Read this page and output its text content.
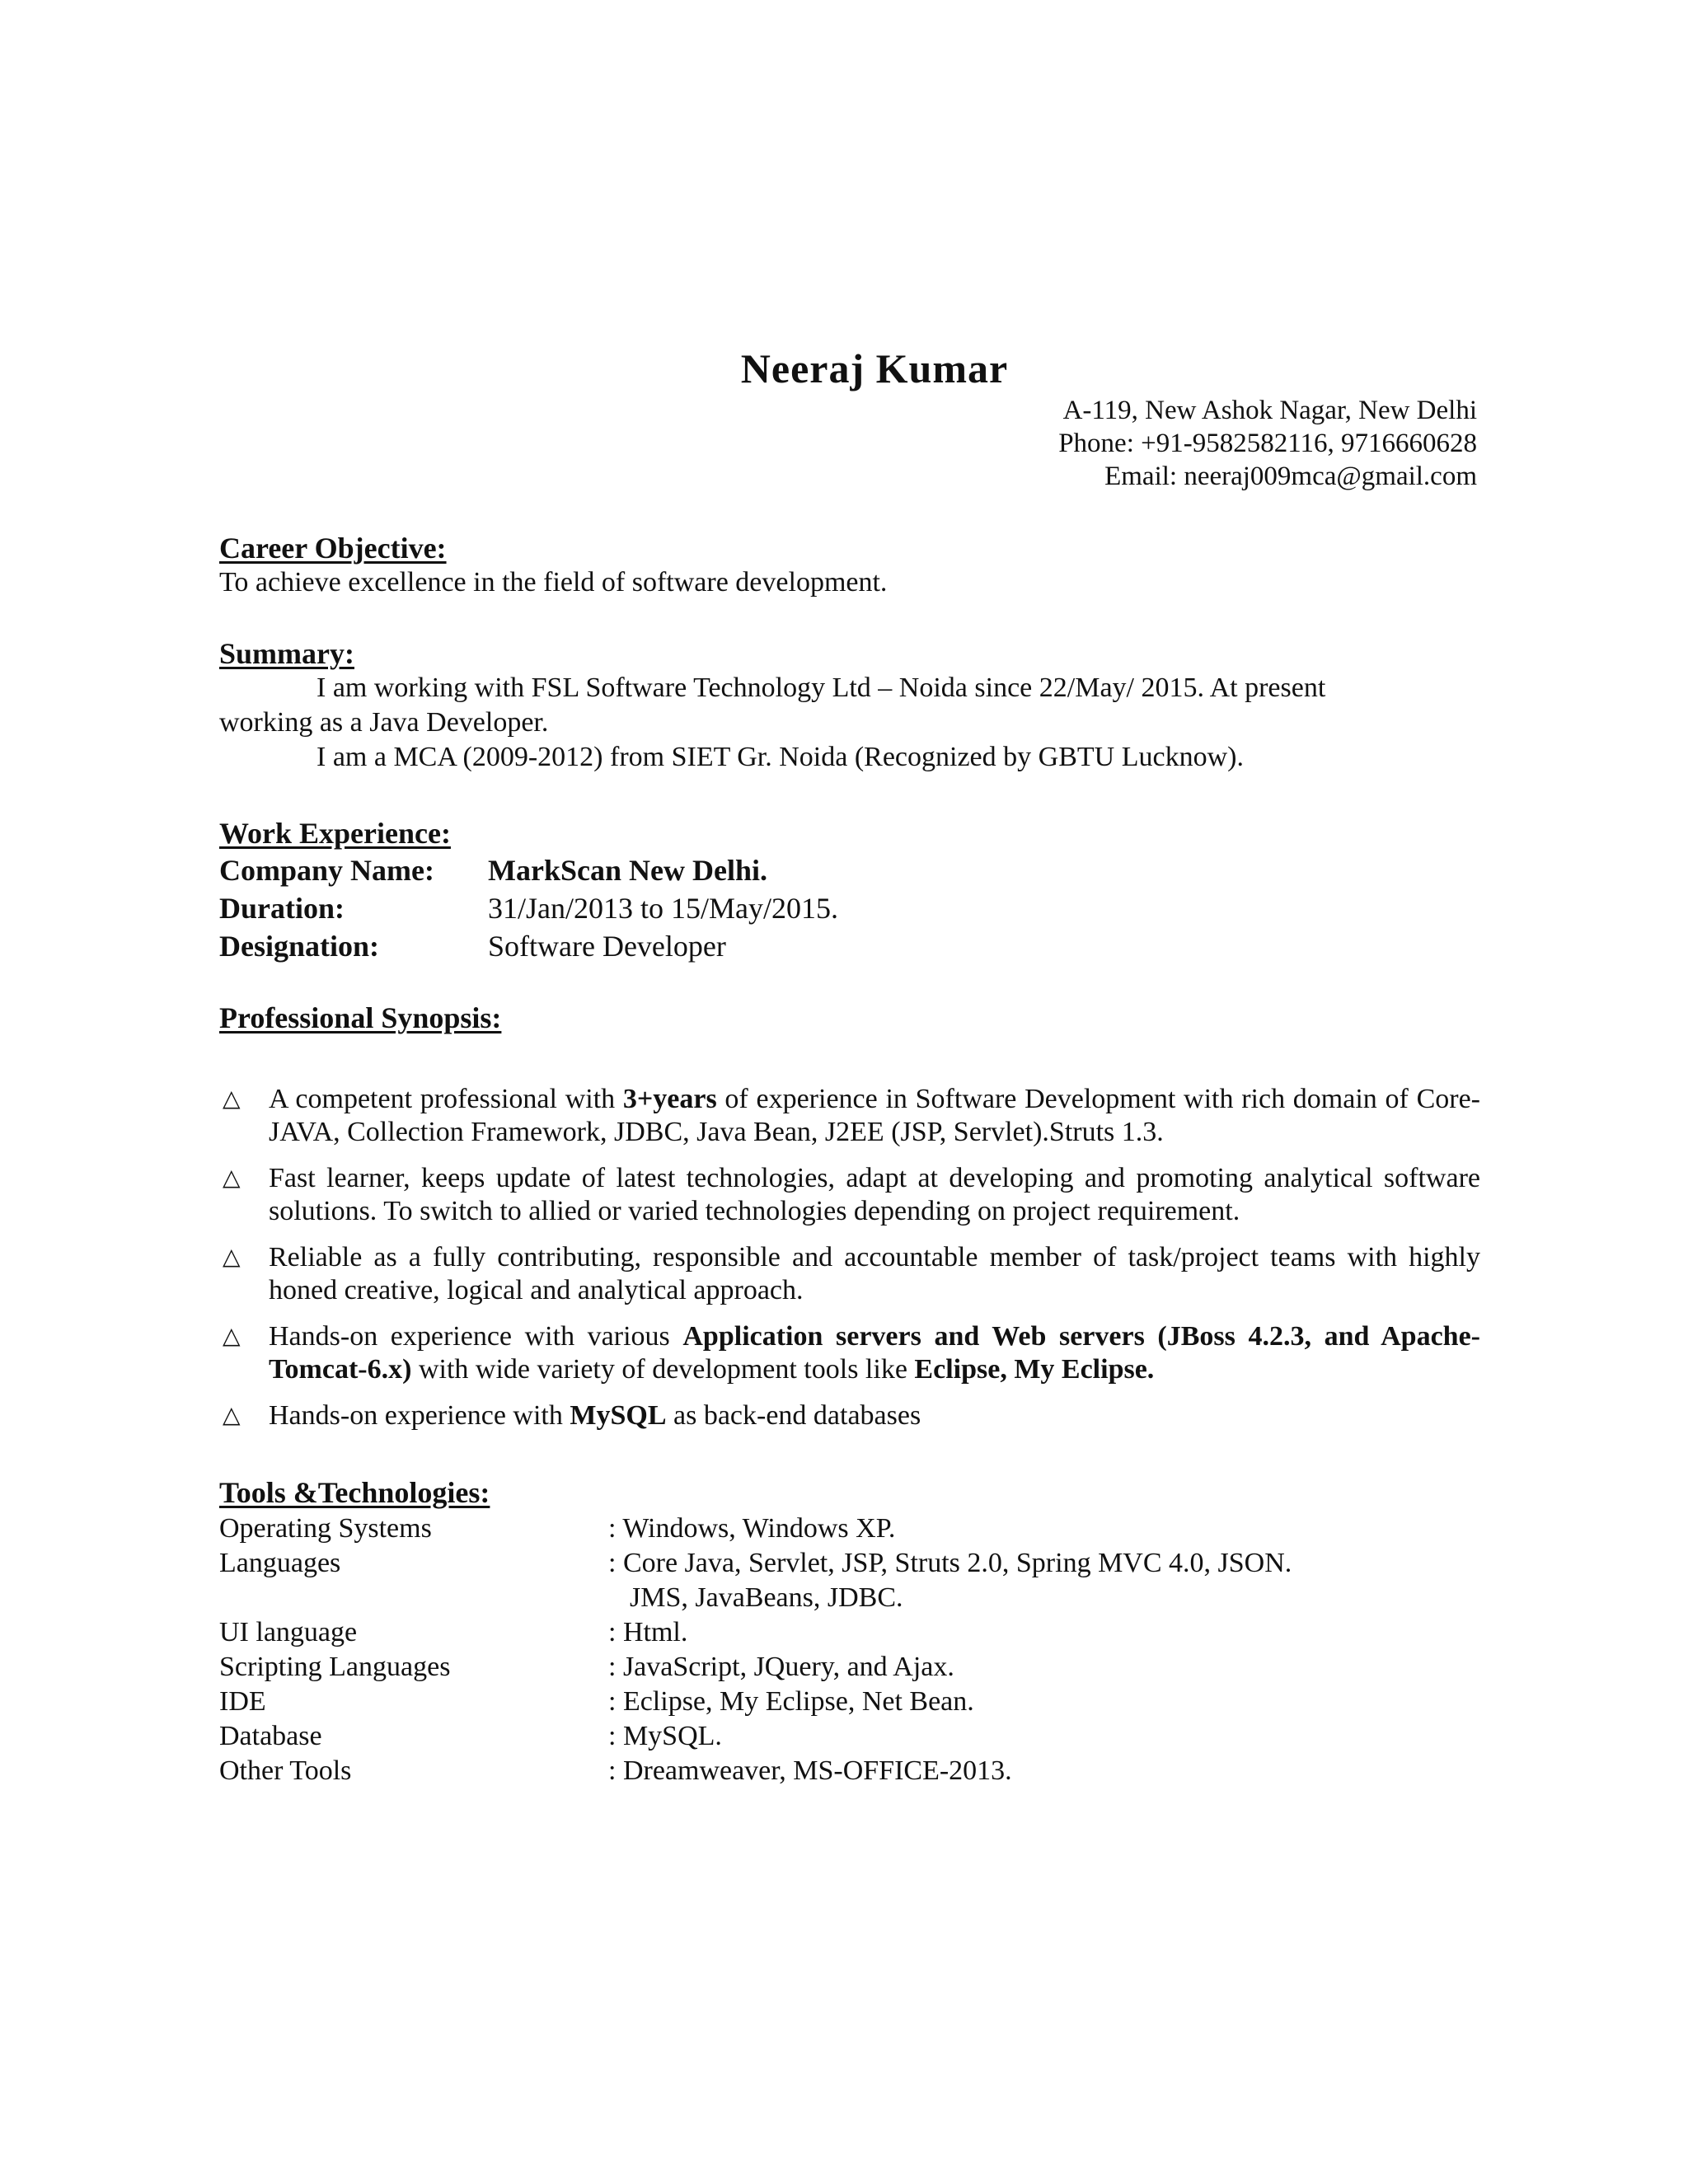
Neeraj Kumar
A-119, New Ashok Nagar, New Delhi
Phone: +91-9582582116, 9716660628
Email: neeraj009mca@gmail.com
Career Objective:
To achieve excellence in the field of software development.
Summary:
I am working with FSL Software Technology Ltd – Noida since 22/May/ 2015. At present
working as a Java Developer.
I am a MCA (2009-2012) from SIET Gr. Noida (Recognized by GBTU Lucknow).
Work Experience:
Company Name: MarkScan New Delhi.
Duration:	31/Jan/2013 to 15/May/2015.
Designation:	Software Developer
Professional Synopsis:
△ A competent professional with 3+years of experience in Software Development with rich domain of Core-JAVA, Collection Framework, JDBC, Java Bean, J2EE (JSP, Servlet).Struts 1.3.
△ Fast learner, keeps update of latest technologies, adapt at developing and promoting analytical software solutions. To switch to allied or varied technologies depending on project requirement.
△ Reliable as a fully contributing, responsible and accountable member of task/project teams with highly honed creative, logical and analytical approach.
△ Hands-on experience with various Application servers and Web servers (JBoss 4.2.3, and Apache-Tomcat-6.x) with wide variety of development tools like Eclipse, My Eclipse.
△ Hands-on experience with MySQL as back-end databases
Tools &Technologies:
Operating Systems	: Windows, Windows XP.
Languages	: Core Java, Servlet, JSP, Struts 2.0, Spring MVC 4.0, JSON.
JMS, JavaBeans, JDBC.
UI language	: Html.
Scripting Languages	: JavaScript, JQuery, and Ajax.
IDE	: Eclipse, My Eclipse, Net Bean.
Database	: MySQL.
Other Tools	: Dreamweaver, MS-OFFICE-2013.
